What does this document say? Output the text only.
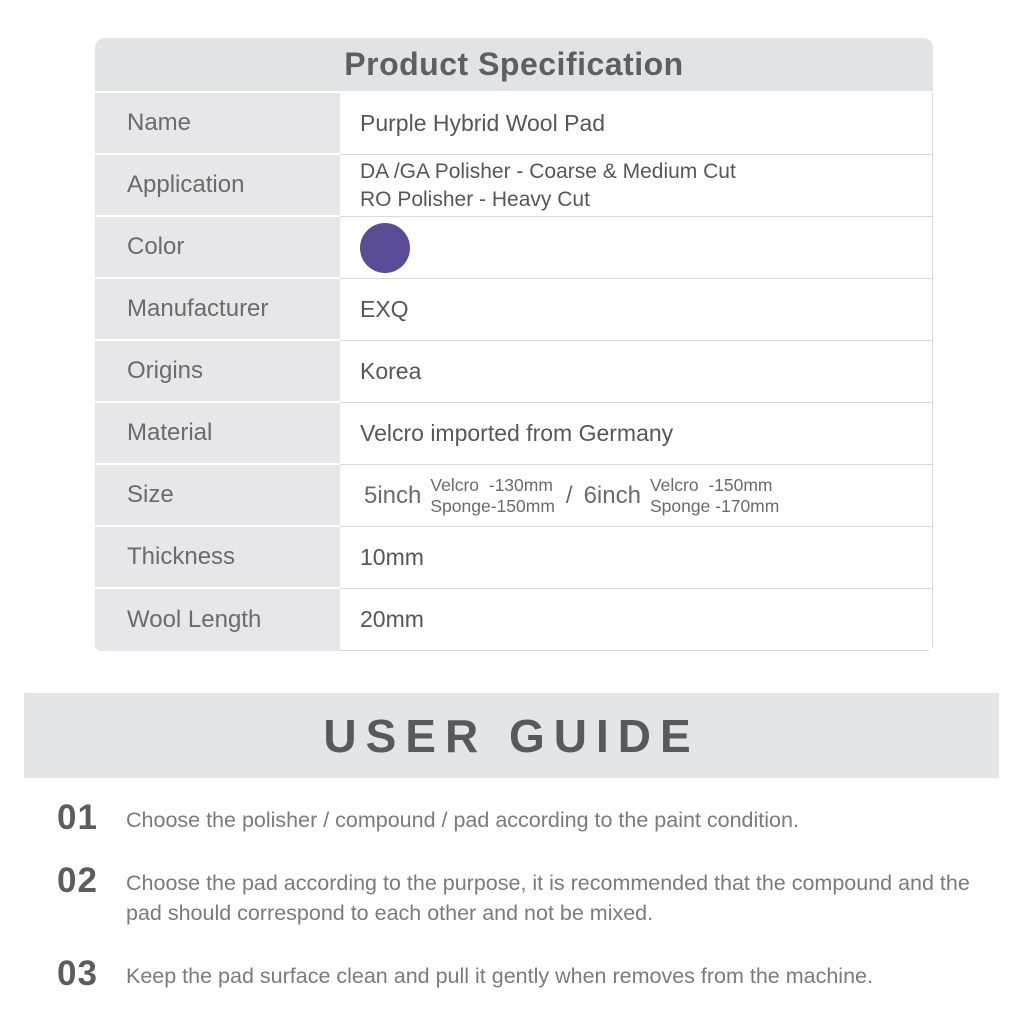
Product Specification
Name	Purple Hybrid Wool Pad
Application	DA /GA Polisher - Coarse & Medium Cut
RO Polisher - Heavy Cut
Color
Manufacturer	EXQ
Origins	Korea
Material	Velcro imported from Germany
Size	5inch Velcro  -130mm
Sponge-150mm / 6inch Velcro  -150mm
Sponge -170mm
Thickness	10mm
Wool Length	20mm
USER GUIDE
01	Choose the polisher / compound / pad according to the paint condition.
02	Choose the pad according to the purpose, it is recommended that the compound and the pad should correspond to each other and not be mixed.
03	Keep the pad surface clean and pull it gently when removes from the machine.
